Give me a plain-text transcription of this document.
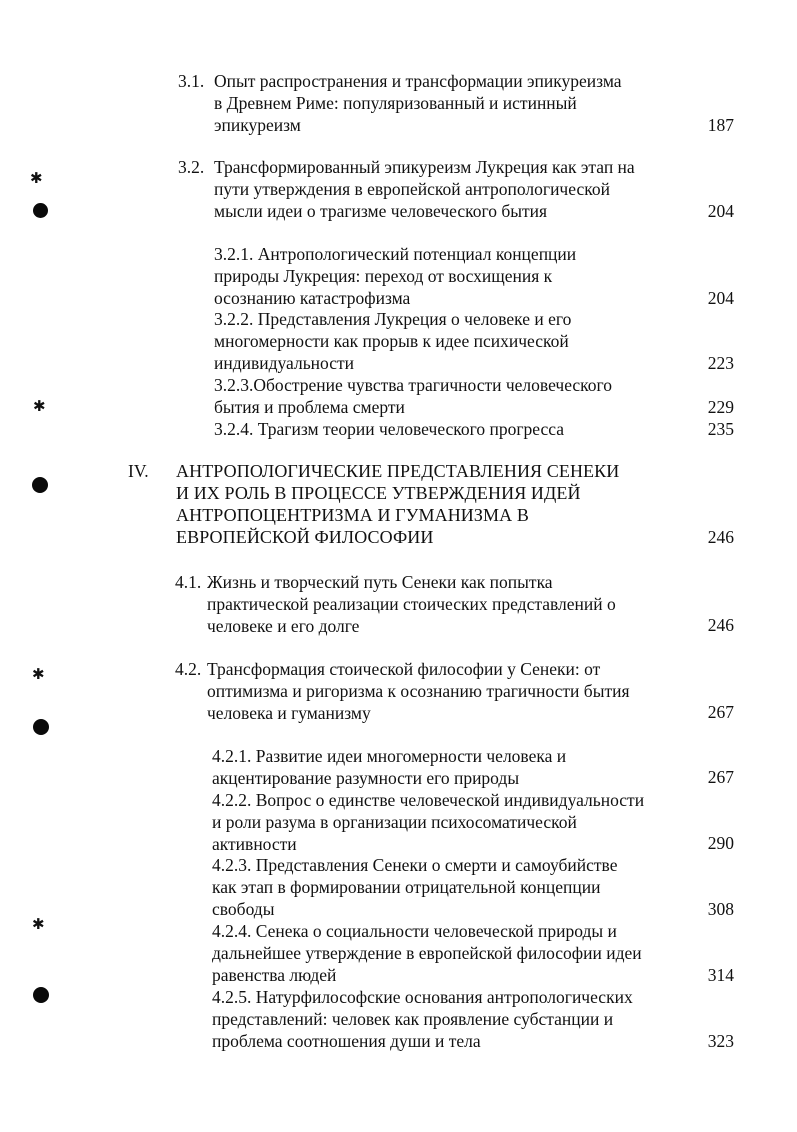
✱
✱
✱
✱
3.1. Опыт распространения и трансформации эпикуреизма
в Древнем Риме: популяризованный и истинный
эпикуреизм	187
3.2. Трансформированный эпикуреизм Лукреция как этап на
пути утверждения в европейской антропологической
мысли идеи о трагизме человеческого бытия	204
3.2.1. Антропологический потенциал концепции
природы Лукреция: переход от восхищения к
осознанию катастрофизма	204
3.2.2. Представления Лукреция о человеке и его
многомерности как прорыв к идее психической
индивидуальности	223
3.2.3.Обострение чувства трагичности человеческого
бытия и проблема смерти	229
3.2.4. Трагизм теории человеческого прогресса	235
IV. АНТРОПОЛОГИЧЕСКИЕ ПРЕДСТАВЛЕНИЯ СЕНЕКИ
И ИХ РОЛЬ В ПРОЦЕССЕ УТВЕРЖДЕНИЯ ИДЕЙ
АНТРОПОЦЕНТРИЗМА И ГУМАНИЗМА В
ЕВРОПЕЙСКОЙ ФИЛОСОФИИ	246
4.1. Жизнь и творческий путь Сенеки как попытка
практической реализации стоических представлений о
человеке и его долге	246
4.2. Трансформация стоической философии у Сенеки: от
оптимизма и ригоризма к осознанию трагичности бытия
человека и гуманизму	267
4.2.1. Развитие идеи многомерности человека и
акцентирование разумности его природы	267
4.2.2. Вопрос о единстве человеческой индивидуальности
и роли разума в организации психосоматической
активности	290
4.2.3. Представления Сенеки о смерти и самоубийстве
как этап в формировании отрицательной концепции
свободы	308
4.2.4. Сенека о социальности человеческой природы и
дальнейшее утверждение в европейской философии идеи
равенства людей	314
4.2.5. Натурфилософские основания антропологических
представлений: человек как проявление субстанции и
проблема соотношения души и тела	323
